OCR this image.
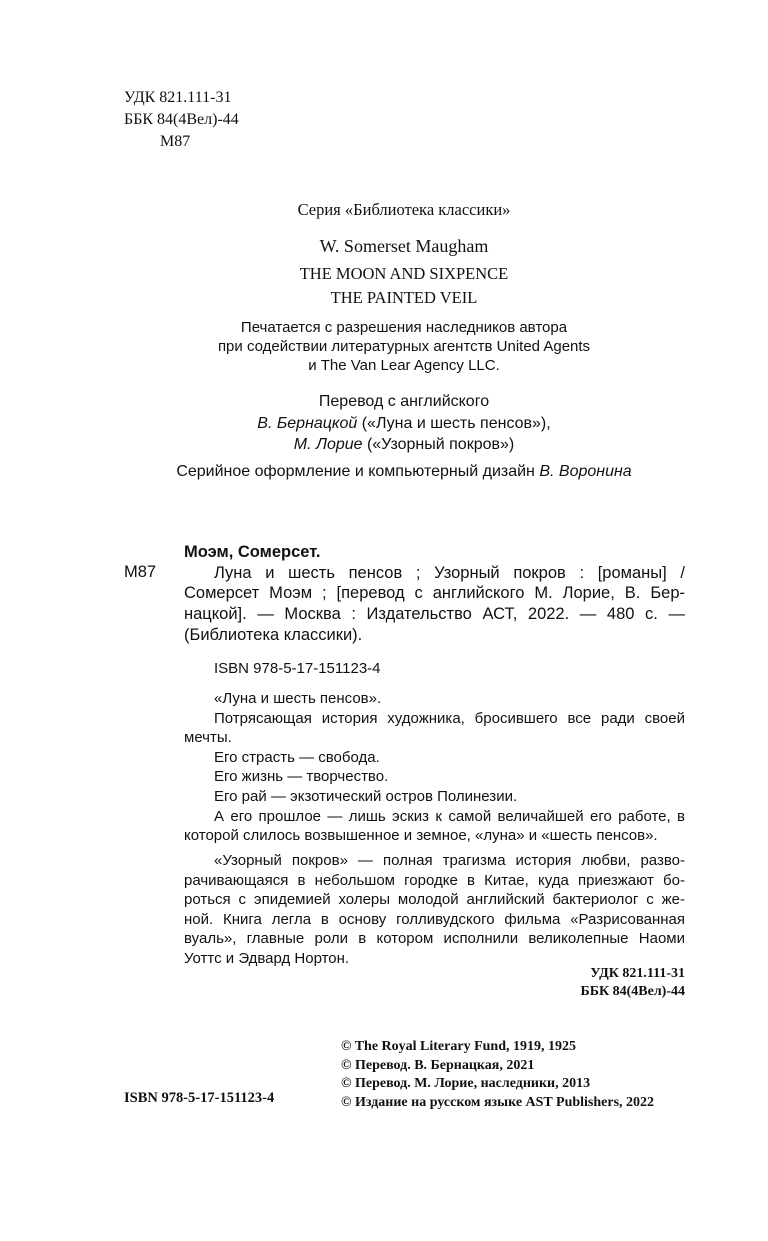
УДК 821.111-31
ББК 84(4Вел)-44
М87
Серия «Библиотека классики»
W. Somerset Maugham
THE MOON AND SIXPENCE
THE PAINTED VEIL
Печатается с разрешения наследников автора
при содействии литературных агентств United Agents
и The Van Lear Agency LLC.
Перевод с английского
В. Бернацкой («Луна и шесть пенсов»),
М. Лорие («Узорный покров»)
Серийное оформление и компьютерный дизайн В. Воронина
М87

Моэм, Сомерсет.

Луна и шесть пенсов ; Узорный покров : [романы] /

Сомерсет Моэм ; [перевод с английского М. Лорие, В. Бер-

нацкой]. — Москва : Издательство АСТ, 2022. — 480 с. —

(Библиотека классики).

ISBN 978-5-17-151123-4

«Луна и шесть пенсов».

Потрясающая история художника, бросившего все ради своей

мечты.

Его страсть — свобода.

Его жизнь — творчество.

Его рай — экзотический остров Полинезии.

А его прошлое — лишь эскиз к самой величайшей его работе, в

которой слилось возвышенное и земное, «луна» и «шесть пенсов».

«Узорный покров» — полная трагизма история любви, разво-

рачивающаяся в небольшом городке в Китае, куда приезжают бо-

роться с эпидемией холеры молодой английский бактериолог с же-

ной. Книга легла в основу голливудского фильма «Разрисованная

вуаль», главные роли в котором исполнили великолепные Наоми

Уоттс и Эдвард Нортон.

УДК 821.111-31
ББК 84(4Вел)-44
ISBN 978-5-17-151123-4
© The Royal Literary Fund, 1919, 1925
© Перевод. В. Бернацкая, 2021
© Перевод. М. Лорие, наследники, 2013
© Издание на русском языке AST Publishers, 2022
